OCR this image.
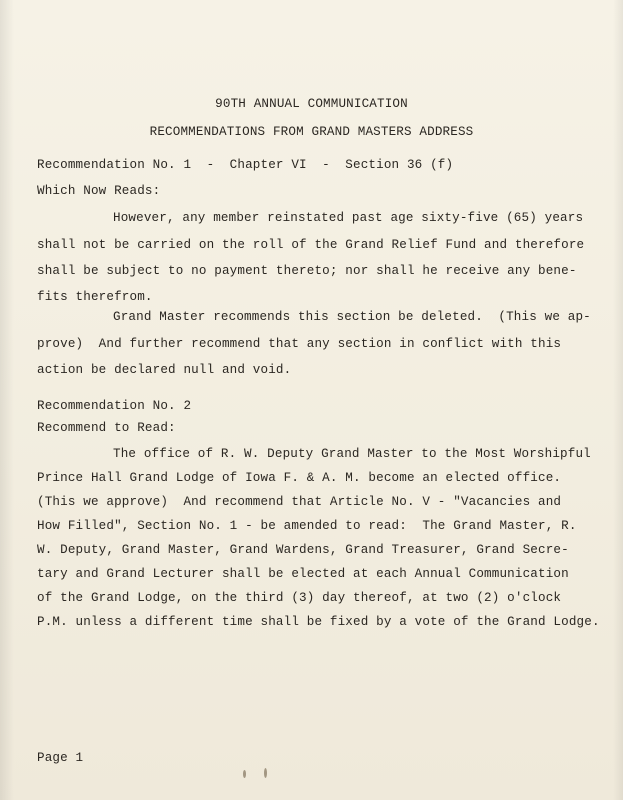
90TH ANNUAL COMMUNICATION
RECOMMENDATIONS FROM GRAND MASTERS ADDRESS
Recommendation No. 1  -  Chapter VI  -  Section 36 (f)
Which Now Reads:
However, any member reinstated past age sixty-five (65) years
shall not be carried on the roll of the Grand Relief Fund and therefore
shall be subject to no payment thereto; nor shall he receive any bene-
fits therefrom.
Grand Master recommends this section be deleted.  (This we ap-
prove)  And further recommend that any section in conflict with this
action be declared null and void.
Recommendation No. 2
Recommend to Read:
The office of R. W. Deputy Grand Master to the Most Worshipful
Prince Hall Grand Lodge of Iowa F. & A. M. become an elected office.
(This we approve)  And recommend that Article No. V - "Vacancies and
How Filled", Section No. 1 - be amended to read:  The Grand Master, R.
W. Deputy, Grand Master, Grand Wardens, Grand Treasurer, Grand Secre-
tary and Grand Lecturer shall be elected at each Annual Communication
of the Grand Lodge, on the third (3) day thereof, at two (2) o'clock
P.M. unless a different time shall be fixed by a vote of the Grand Lodge.
Page 1
